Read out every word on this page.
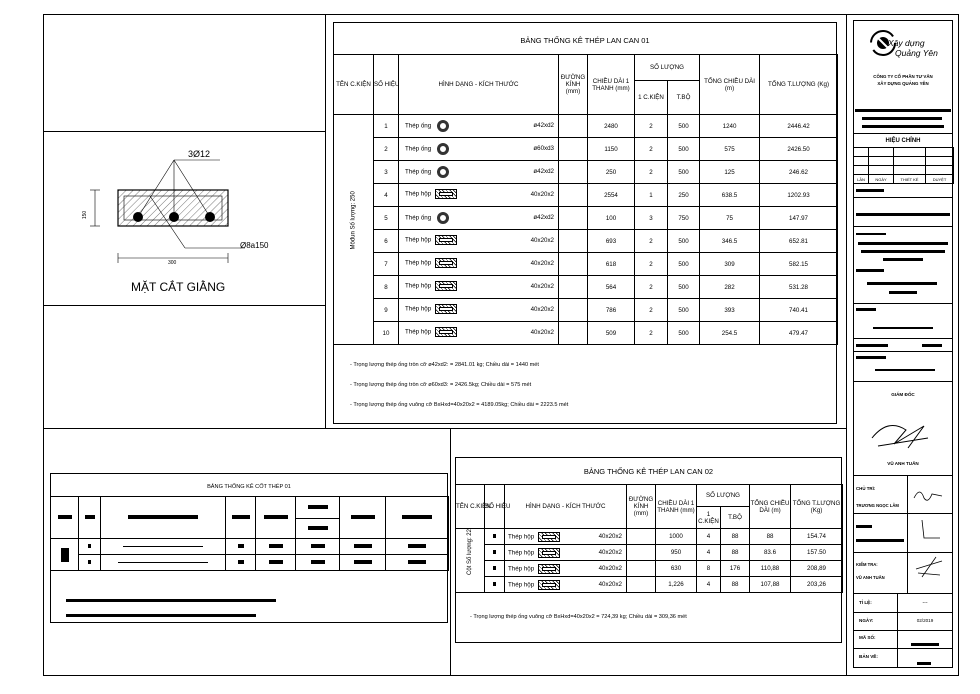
3Ø12
Ø8a150
300
150
MẶT CẮT GIẰNG
BẢNG THỐNG KÊ THÉP LAN CAN 01
TÊN C.KIỆN	SỐ HIỆU	HÌNH DẠNG - KÍCH THƯỚC	ĐƯỜNG KÍNH (mm)	CHIỀU DÀI 1 THANH (mm)	SỐ LƯỢNG		TỔNG CHIỀU DÀI (m)	TỔNG T.LƯỢNG (Kg)
					1 C.KIỆN	T.BỘ		

Môđun Số lượng: 250	1	Thép ống ø42xd2		2480	2	500	1240	2446.42
	2	Thép ống ø60xd3		1150	2	500	575	2426.50
	3	Thép ống ø42xd2		250	2	500	125	246.62
	4	Thép hộp 40x20x2		2554	1	250	638.5	1202.93
	5	Thép ống ø42xd2		100	3	750	75	147.97
	6	Thép hộp 40x20x2		693	2	500	346.5	652.81
	7	Thép hộp 40x20x2		618	2	500	309	582.15
	8	Thép hộp 40x20x2		564	2	500	282	531.28
	9	Thép hộp 40x20x2		786	2	500	393	740.41
	10	Thép hộp 40x20x2		509	2	500	254.5	479.47
- Trọng lượng thép ống tròn cỡ ø42xd2: = 2841.01 kg; Chiều dài = 1440 mét
- Trọng lượng thép ống tròn cỡ ø60xd3: = 2426.5kg; Chiều dài = 575 mét
- Trọng lượng thép ống vuông cỡ BxHxd=40x20x2 = 4189.05kg; Chiều dài = 2223.5 mét
BẢNG THỐNG KÊ THÉP LAN CAN 02
TÊN C.KIỆN	SỐ HIỆU	HÌNH DẠNG - KÍCH THƯỚC	ĐƯỜNG KÍNH (mm)	CHIỀU DÀI 1 THANH (mm)	SỐ LƯỢNG		TỔNG CHIỀU DÀI (m)	TỔNG T.LƯỢNG (Kg)
					1 C.KIỆN	T.BỘ		

Cột Số lượng: 22		Thép hộp 40x20x2		1000	4	88	88	154.74

		Thép hộp 40x20x2		950	4	88	83.6	157.50

		Thép hộp 40x20x2		630	8	176	110,88	208,89

		Thép hộp 40x20x2		1,226	4	88	107,88	203,26
- Trọng lượng thép ống vuông cỡ BxHxd=40x20x2 = 724,39 kg; Chiều dài = 309,36 mét
BẢNG THỐNG KÊ CỐT THÉP 01

Xây dựng
Quảng Yên
CÔNG TY CỔ PHẦN TƯ VẤN
XÂY DỰNG QUẢNG YÊN
HIỆU CHỈNH

LẦN	NGÀY	THIẾT KẾ	DUYỆT
GIÁM ĐỐC
VŨ ANH TUẤN
CHỦ TRÌ:
TRƯƠNG NGỌC LÂM
KIỂM TRA:
VŨ ANH TUẤN
TỈ LỆ:	---
NGÀY:	02/2019
MÃ SỐ:
BẢN VẼ:
